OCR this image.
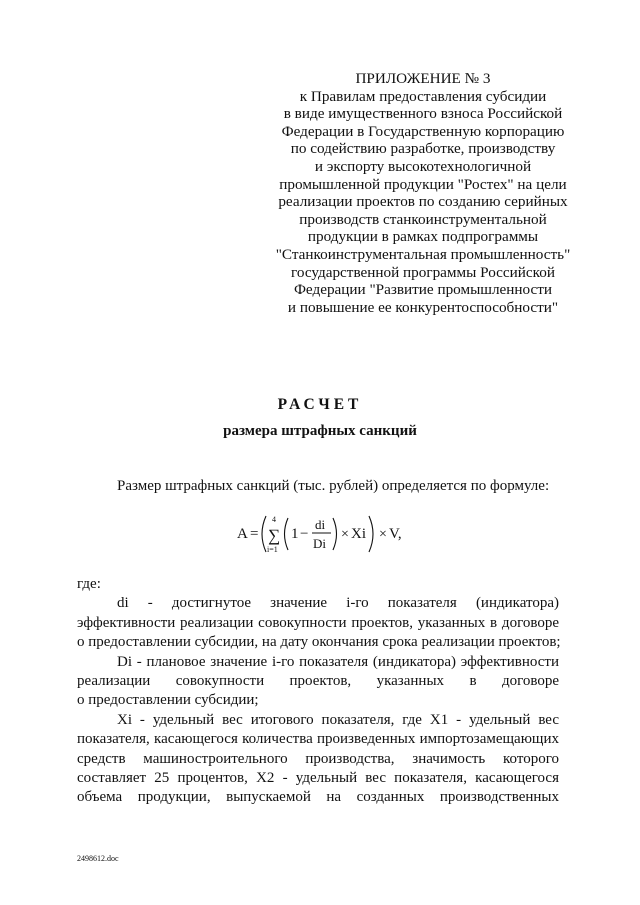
ПРИЛОЖЕНИЕ № 3
к Правилам предоставления субсидии
в виде имущественного взноса Российской
Федерации в Государственную корпорацию
по содействию разработке, производству
и экспорту высокотехнологичной
промышленной продукции "Ростех" на цели
реализации проектов по созданию серийных
производств станкоинструментальной
продукции в рамках подпрограммы
"Станкоинструментальная промышленность"
государственной программы Российской
Федерации "Развитие промышленности
и повышение ее конкурентоспособности"
РАСЧЕТ
размера штрафных санкций
Размер штрафных санкций (тыс. рублей) определяется по формуле:
A =
4
∑
i=1
1 −
di
Di
× Xi × V,
где:
di - достигнутое значение i-го показателя (индикатора)
эффективности реализации совокупности проектов, указанных в договоре
о предоставлении субсидии, на дату окончания срока реализации проектов;
Di - плановое значение i-го показателя (индикатора) эффективности
реализации совокупности проектов, указанных в договоре
о предоставлении субсидии;
Xi - удельный вес итогового показателя, где X1 - удельный вес
показателя, касающегося количества произведенных импортозамещающих
средств машиностроительного производства, значимость которого
составляет 25 процентов, X2 - удельный вес показателя, касающегося
объема продукции, выпускаемой на созданных производственных
2498612.doc
